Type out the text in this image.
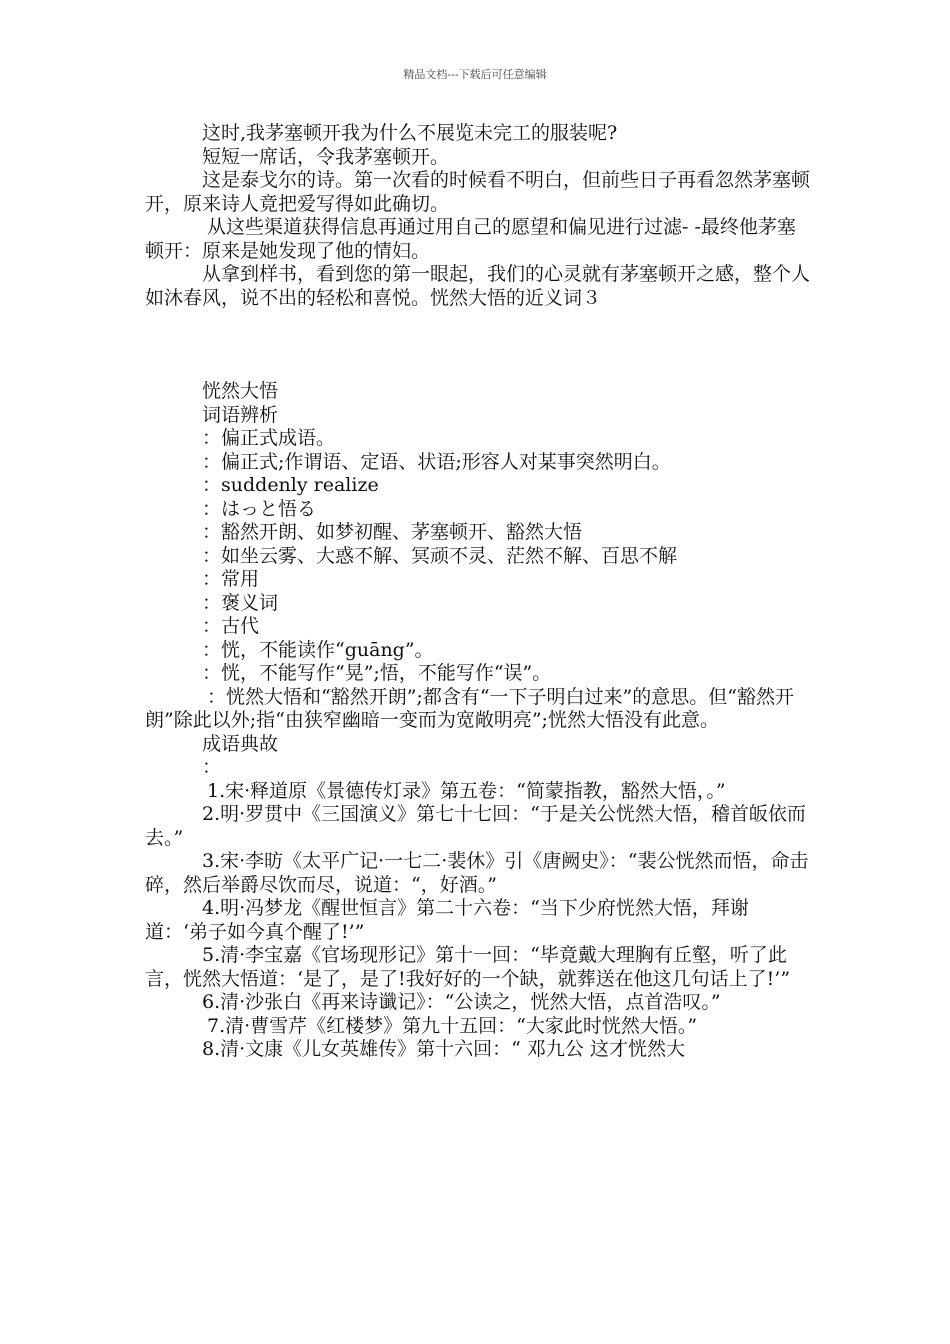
精品文档---下载后可任意编辑

这时,我茅塞顿开我为什么不展览未完工的服装呢?

短短一席话，令我茅塞顿开。

这是泰戈尔的诗。第一次看的时候看不明白，但前些日子再看忽然茅塞顿开，原来诗人竟把爱写得如此确切。

从这些渠道获得信息再通过用自己的愿望和偏见进行过滤- -最终他茅塞顿开：原来是她发现了他的情妇。

从拿到样书，看到您的第一眼起，我们的心灵就有茅塞顿开之感，整个人如沐春风，说不出的轻松和喜悦。恍然大悟的近义词３

恍然大悟

词语辨析

：偏正式成语。

：偏正式;作谓语、定语、状语;形容人对某事突然明白。

：suddenly realize

：はっと悟る

：豁然开朗、如梦初醒、茅塞顿开、豁然大悟

：如坐云雾、大惑不解、冥顽不灵、茫然不解、百思不解

：常用

：褒义词

：古代

：恍，不能读作“guāng”。

：恍，不能写作“晃”;悟，不能写作“误”。

：恍然大悟和“豁然开朗”;都含有“一下子明白过来”的意思。但“豁然开朗”除此以外;指“由狭窄幽暗一变而为宽敞明亮”;恍然大悟没有此意。

成语典故

：

1.宋·释道原《景德传灯录》第五卷：“简蒙指教，豁然大悟，。”

2.明·罗贯中《三国演义》第七十七回：“于是关公恍然大悟，稽首皈依而去。”

3.宋·李昉《太平广记·一七二·裴休》引《唐阙史》：“裴公恍然而悟，命击碎，然后举爵尽饮而尽，说道：“，好酒。”

4.明·冯梦龙《醒世恒言》第二十六卷：“当下少府恍然大悟，拜谢道：‘弟子如今真个醒了!’”

5.清·李宝嘉《官场现形记》第十一回：“毕竟戴大理胸有丘壑，听了此言，恍然大悟道：‘是了，是了!我好好的一个缺，就葬送在他这几句话上了!’”

6.清·沙张白《再来诗谶记》：“公读之，恍然大悟，点首浩叹。”

7.清·曹雪芹《红楼梦》第九十五回：“大家此时恍然大悟。”

8.清·文康《儿女英雄传》第十六回：“ 邓九公 这才恍然大
